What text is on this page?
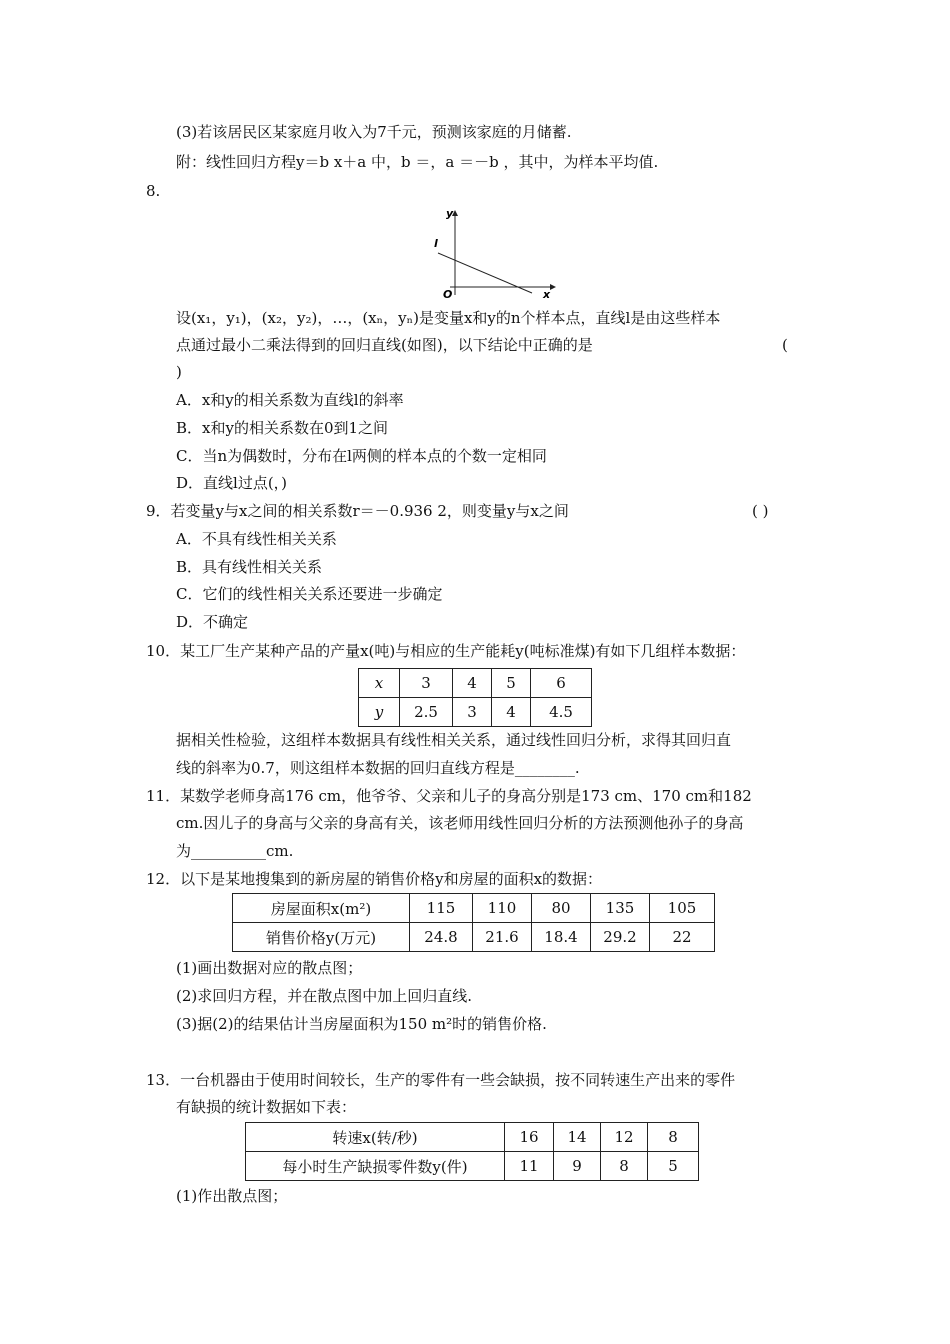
(3)若该居民区某家庭月收入为7千元，预测该家庭的月储蓄.
附：线性回归方程y＝b x＋a 中，b ＝，a ＝－b ，其中，为样本平均值.
8.
y
x
O
l
设(x₁，y₁)，(x₂，y₂)，…，(xₙ，yₙ)是变量x和y的n个样本点，直线l是由这些样本
点通过最小二乘法得到的回归直线(如图)，以下结论中正确的是	(
)
A．x和y的相关系数为直线l的斜率
B．x和y的相关系数在0到1之间
C．当n为偶数时，分布在l两侧的样本点的个数一定相同
D．直线l过点(，)
9．若变量y与x之间的相关系数r＝－0.936 2，则变量y与x之间	( )
A．不具有线性相关关系
B．具有线性相关关系
C．它们的线性相关关系还要进一步确定
D．不确定
10．某工厂生产某种产品的产量x(吨)与相应的生产能耗y(吨标准煤)有如下几组样本数据：
x	3	4	5	6
y	2.5	3	4	4.5
据相关性检验，这组样本数据具有线性相关关系，通过线性回归分析，求得其回归直
线的斜率为0.7，则这组样本数据的回归直线方程是________.
11．某数学老师身高176 cm，他爷爷、父亲和儿子的身高分别是173 cm、170 cm和182
cm.因儿子的身高与父亲的身高有关，该老师用线性回归分析的方法预测他孙子的身高
为__________cm.
12．以下是某地搜集到的新房屋的销售价格y和房屋的面积x的数据：
房屋面积x(m²)	115	110	80	135	105
销售价格y(万元)	24.8	21.6	18.4	29.2	22
(1)画出数据对应的散点图；
(2)求回归方程，并在散点图中加上回归直线.
(3)据(2)的结果估计当房屋面积为150 m²时的销售价格.
13．一台机器由于使用时间较长，生产的零件有一些会缺损，按不同转速生产出来的零件
有缺损的统计数据如下表：
转速x(转/秒)	16	14	12	8
每小时生产缺损零件数y(件)	11	9	8	5
(1)作出散点图；
